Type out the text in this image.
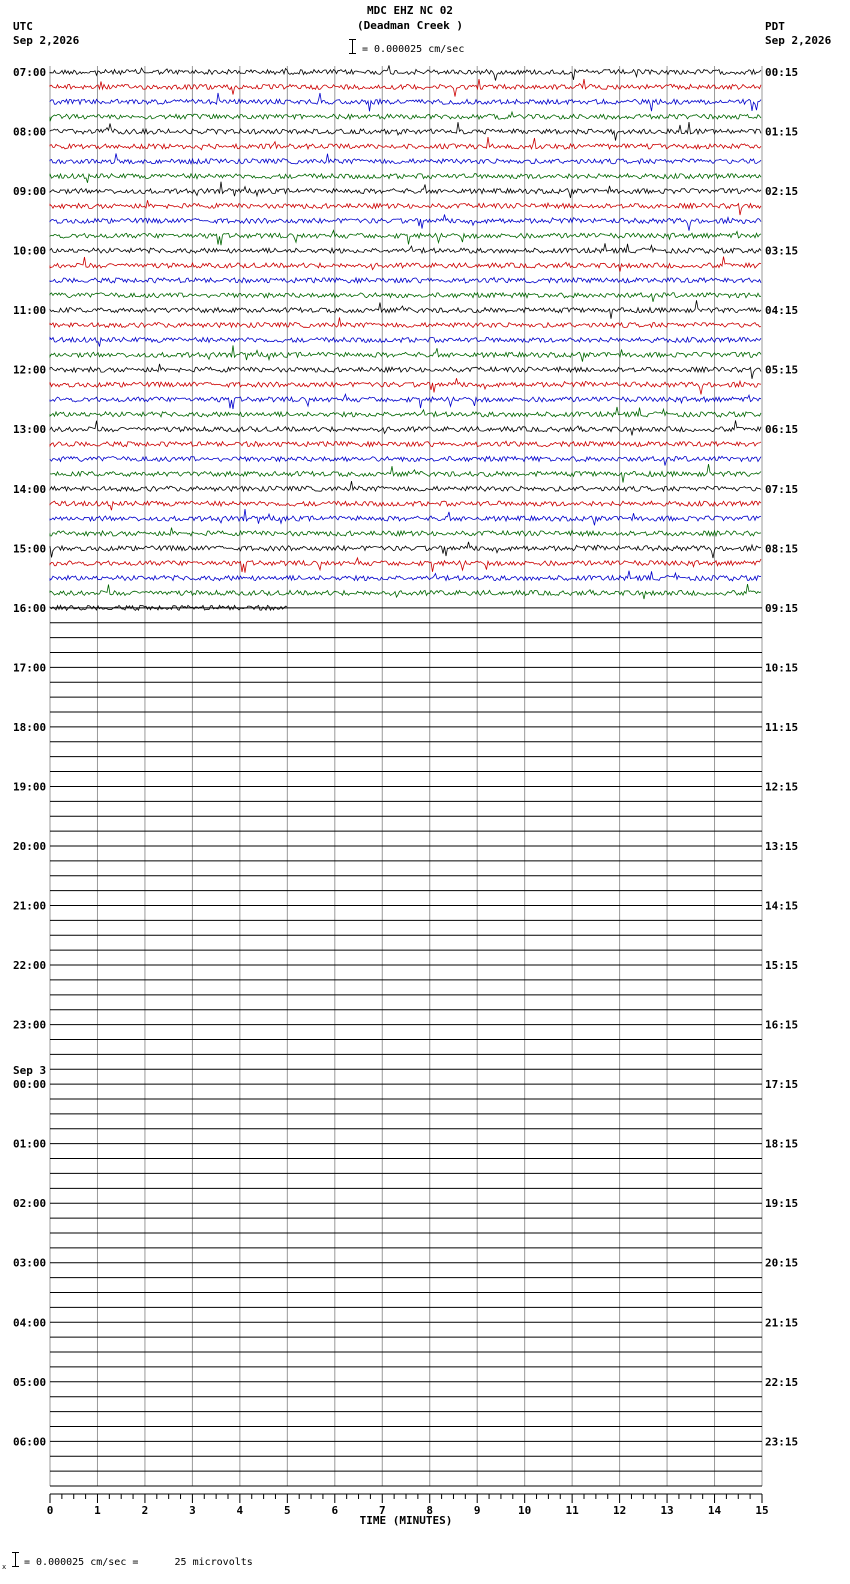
MDC EHZ NC 02
(Deadman Creek )
= 0.000025 cm/sec
UTC
Sep 2,2026
PDT
Sep 2,2026
07:00
08:00
09:00
10:00
11:00
12:00
13:00
14:00
15:00
16:00
17:00
18:00
19:00
20:00
21:00
22:00
23:00
00:00
Sep 3
01:00
02:00
03:00
04:00
05:00
06:00
00:15
01:15
02:15
03:15
04:15
05:15
06:15
07:15
08:15
09:15
10:15
11:15
12:15
13:15
14:15
15:15
16:15
17:15
18:15
19:15
20:15
21:15
22:15
23:15
0	1	2	3	4	5	6	7	8	9	10	11	12	13	14	15
TIME (MINUTES)
x = 0.000025 cm/sec =      25 microvolts
